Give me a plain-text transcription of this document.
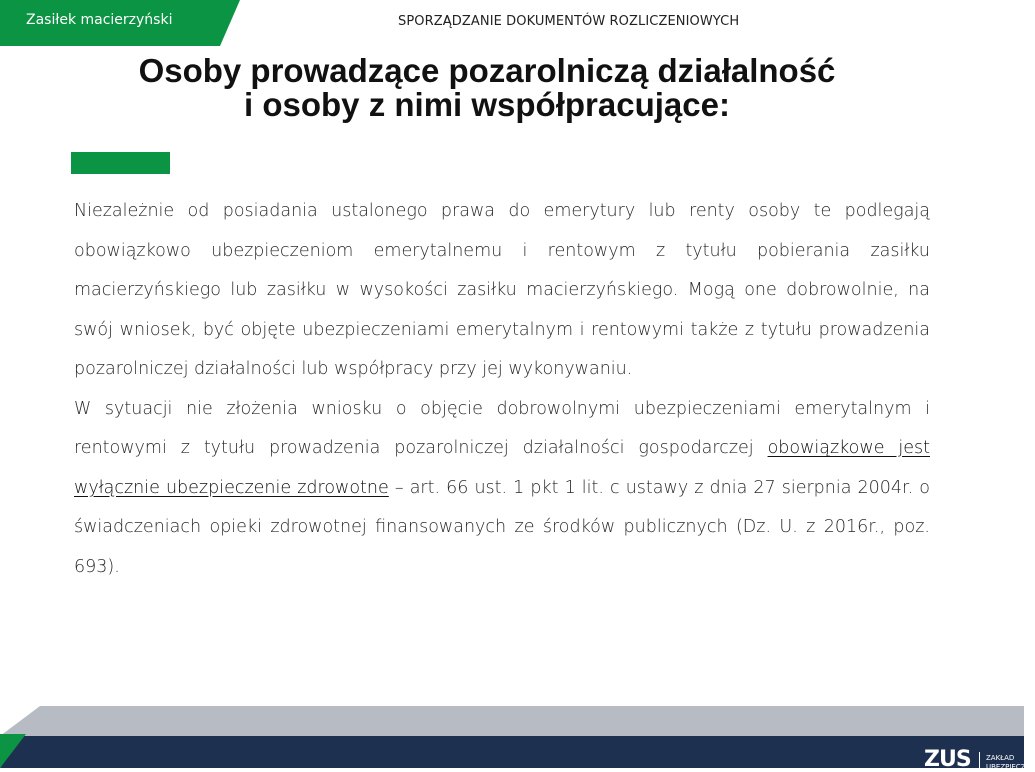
Zasiłek macierzyński	SPORZĄDZANIE DOKUMENTÓW ROZLICZENIOWYCH
Osoby prowadzące pozarolniczą działalność
i osoby z nimi współpracujące:

Niezależnie od posiadania ustalonego prawa do emerytury lub renty osoby te podlegają obowiązkowo ubezpieczeniom emerytalnemu i rentowym z tytułu pobierania zasiłku macierzyńskiego lub zasiłku w wysokości zasiłku macierzyńskiego. Mogą one dobrowolnie, na swój wniosek, być objęte ubezpieczeniami emerytalnym i rentowymi także z tytułu prowadzenia pozarolniczej działalności lub współpracy przy jej wykonywaniu.

W sytuacji nie złożenia wniosku o objęcie dobrowolnymi ubezpieczeniami emerytalnym i rentowymi z tytułu prowadzenia pozarolniczej działalności gospodarczej obowiązkowe jest wyłącznie ubezpieczenie zdrowotne – art. 66 ust. 1 pkt 1 lit. c ustawy z dnia 27 sierpnia 2004r. o świadczeniach opieki zdrowotnej finansowanych ze środków publicznych (Dz. U. z 2016r., poz. 693).

ZUS ZAKŁAD
UBEZPIECZEŃ
